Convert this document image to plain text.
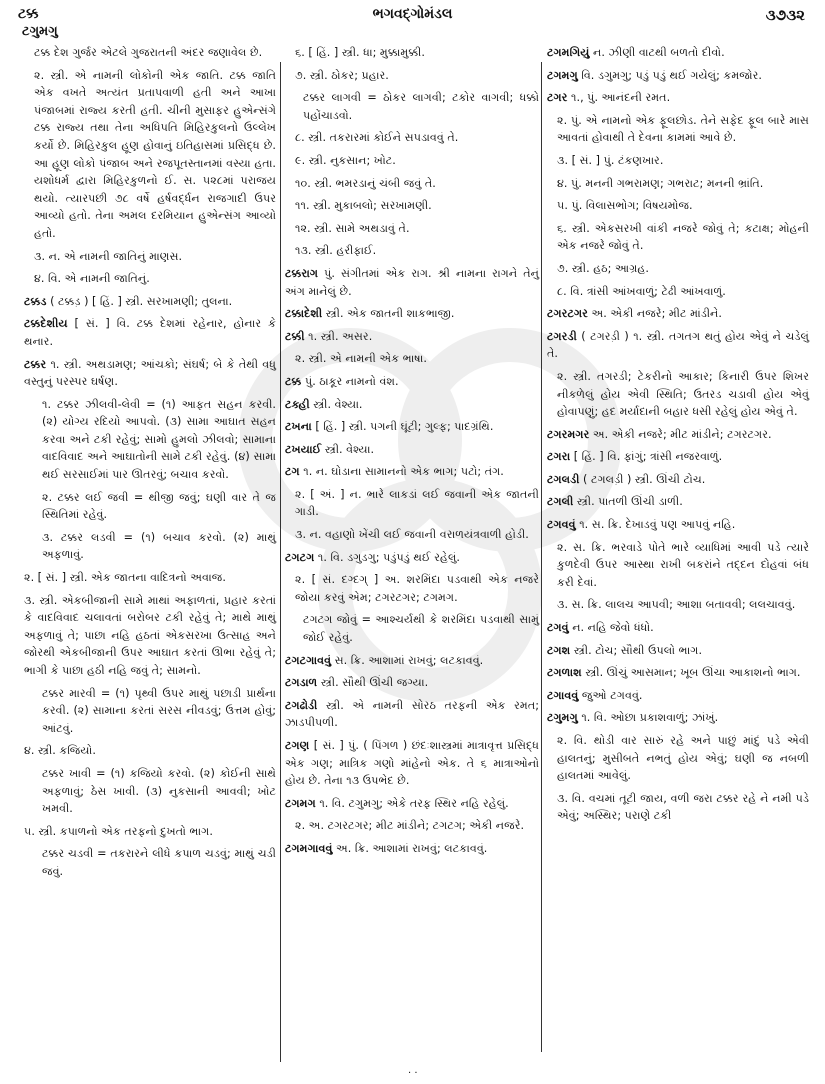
ટક્ક	ભગવદ્ગોમંડલ	૩૭૩૨
ટગુમગુ

ટક્ક દેશ ગુર્જર એટલે ગુજરાતની અંદર જણાવેલ છે.

૨. સ્ત્રી. એ નામની લોકોની એક જાતિ. ટક્ક જાતિ એક વખતે અત્યંત પ્રતાપવાળી હતી અને આખા પંજાબમાં રાજ્ય કરતી હતી. ચીની મુસાફર હુએન્સંગે ટક્ક રાજ્ય તથા તેના અધિપતિ મિહિરકુલનો ઉલ્લેખ કર્યો છે. મિહિરકુલ હૂણ હોવાનું ઇતિહાસમાં પ્રસિદ્ધ છે. આ હૂણ લોકો પંજાબ અને રજપૂતસ્તાનમાં વસ્યા હતા. યશોધર્મ દ્વારા મિહિરકુળનો ઈ. સ. ૫૨૮માં પરાજય થયો. ત્યારપછી ૭૮ વર્ષે હર્ષવર્દ્ધન રાજગાદી ઉપર આવ્યો હતો. તેના અમલ દરમિયાન હુએન્સંગ આવ્યો હતો.

૩. ન. એ નામની જાતિનું માણસ.

૪. વિ. એ નામની જાતિનું.

ટક્કડ ( ટક્કડ઼ ) [ હિં. ] સ્ત્રી. સરખામણી; તુલના.

ટક્કદેશીય [ સં. ] વિ. ટક્ક દેશમાં રહેનાર, હોનાર કે થનાર.

ટક્કર ૧. સ્ત્રી. અથડામણ; આંચકો; સંઘર્ષ; બે કે તેથી વધુ વસ્તુનું પરસ્પર ઘર્ષણ.

૧. ટક્કર ઝીલવી-લેવી = (૧) આફત સહન કરવી. (૨) યોગ્ય રદિયો આપવો. (૩) સામા આઘાત સહન કરવા અને ટકી રહેવું; સામો હુમલો ઝીલવો; સામાના વાદવિવાદ અને આઘાતોની સામે ટકી રહેવું. (૪) સામા થઈ સરસાઈમાં પાર ઊતરવું; બચાવ કરવો.

૨. ટક્કર લઈ જવી = થીજી જવું; ઘણી વાર તે જ સ્થિતિમાં રહેવું.

૩. ટક્કર લડવી = (૧) બચાવ કરવો. (૨) માથું અફળાવું.

૨. [ સં. ] સ્ત્રી. એક જાતના વાદિત્રનો અવાજ.

૩. સ્ત્રી. એકબીજાની સામે માથાં અફાળતાં, પ્રહાર કરતાં કે વાદવિવાદ ચલાવતાં બરોબર ટકી રહેવું તે; માથે માથું અફળાવું તે; પાછા નહિ હઠતાં એકસરખા ઉત્સાહ અને જોરથી એકબીજાની ઉપર આઘાત કરતાં ઊભા રહેવું તે; ભાગી કે પાછા હઠી નહિ જવું તે; સામનો.

ટક્કર મારવી = (૧) પૃથ્વી ઉપર માથું પછાડી પ્રાર્થના કરવી. (૨) સામાના કરતાં સરસ નીવડવું; ઉત્તમ હોવું; આંટવું.

૪. સ્ત્રી. કજિયો.

ટક્કર ખાવી = (૧) કજિયો કરવો. (૨) કોઈની સાથે અફળાવું; ઠેસ ખાવી. (૩) નુકસાની આવવી; ખોટ ખમવી.

૫. સ્ત્રી. કપાળનો એક તરફનો દુખતો ભાગ.

ટક્કર ચડવી = તકરારને લીધે કપાળ ચડવું; માથું ચડી જવું.

૬. [ હિં. ] સ્ત્રી. ધા; મુક્કામુક્કી.

૭. સ્ત્રી. ઠોકર; પ્રહાર.

ટક્કર લાગવી = ઠોકર લાગવી; ટકોર વાગવી; ધક્કો પહોંચાડવો.

૮. સ્ત્રી. તકરારમાં કોઈને સપડાવવું તે.

૯. સ્ત્રી. નુકસાન; ખોટ.

૧૦. સ્ત્રી. ભમરડાનું ચંબી જવું તે.

૧૧. સ્ત્રી. મુકાબલો; સરખામણી.

૧૨. સ્ત્રી. સામે અથડાવું તે.

૧૩. સ્ત્રી. હરીફાઈ.

ટક્કરાગ પું. સંગીતમાં એક રાગ. શ્રી નામના રાગને તેનું અંગ માનેલું છે.

ટક્કાદેશી સ્ત્રી. એક જાતની શાકભાજી.

ટક્કી ૧. સ્ત્રી. અસર.

૨. સ્ત્રી. એ નામની એક ભાષા.

ટક્ક પું. ઠાકૂર નામનો વંશ.

ટક્હી સ્ત્રી. વેશ્યા.

ટખના [ હિં. ] સ્ત્રી. પગની ઘૂંટી; ગુલ્ફ; પાદગ્રંથિ.

ટખયાઈ સ્ત્રી. વેશ્યા.

ટગ ૧. ન. ઘોડાના સામાનનો એક ભાગ; પટો; તંગ.

૨. [ અં. ] ન. ભારે લાકડાં લઈ જવાની એક જાતની ગાડી.

૩. ન. વહાણો ખેંચી લઈ જવાની વરાળયંત્રવાળી હોડી.

ટગટગ ૧. વિ. ડગુડગુ; પડુંપડું થઈ રહેલું.

૨. [ સં. દગ્દગ્ ] અ. શરમિંદા પડવાથી એક નજરે જોયા કરવું એમ; ટગરટગર; ટગમગ.

ટગટગ જોવું = આશ્ચર્યથી કે શરમિંદા પડવાથી સામું જોઈ રહેવું.

ટગટગાવવું સ. ક્રિ. આશામાં રાખવું; લટકાવવું.

ટગડાળ સ્ત્રી. સૌથી ઊંચી જગ્યા.

ટગઢોડી સ્ત્રી. એ નામની સોરઠ તરફની એક રમત; ઝાડપીપળી.

ટગણ [ સં. ] પું. ( પિંગળ ) છંદઃશાસ્ત્રમાં માત્રાવૃત્ત પ્રસિદ્ધ એક ગણ; માત્રિક ગણો માંહેનો એક. તે ૬ માત્રાઓનો હોય છે. તેના ૧૩ ઉપભેદ છે.

ટગમગ ૧. વિ. ટગુમગુ; એકે તરફ સ્થિર નહિ રહેલું.

૨. અ. ટગરટગર; મીટ માંડીને; ટગટગ; એકી નજરે.

ટગમગાવવું અ. ક્રિ. આશામાં રાખવું; લટકાવવું.

ટગમગિયું ન. ઝીણી વાટથી બળતો દીવો.

ટગમગુ વિ. ડગુમગુ; પડું પડું થઈ ગયેલું; કમજોર.

ટગર ૧., પું. આનંદની રમત.

૨. પું. એ નામનો એક ફૂલછોડ. તેને સફેદ ફૂલ બારે માસ આવતાં હોવાથી તે દેવના કામમાં આવે છે.

૩. [ સં. ] પું. ટંકણખાર.

૪. પું. મનની ગભરામણ; ગભરાટ; મનની ભ્રાંતિ.

૫. પું. વિલાસભોગ; વિષયમોજ.

૬. સ્ત્રી. એકસરખી વાંકી નજરે જોવું તે; કટાક્ષ; મોહની એક નજરે જોવું તે.

૭. સ્ત્રી. હઠ; આગ્રહ.

૮. વિ. ત્રાંસી આંખવાળું; ટેઢી આંખવાળું.

ટગરટગર અ. એકી નજરે; મીટ માંડીને.

ટગરડી ( ટગરડ઼ી ) ૧. સ્ત્રી. તગતગ થતું હોય એવું ને ચડેલું તે.

૨. સ્ત્રી. તગરડી; ટેકરીનો આકાર; કિનારી ઉપર શિખર નીકળેલું હોય એવી સ્થિતિ; ઉતરડ ચડાવી હોય એવું હોવાપણું; હદ મર્યાદાની બહાર ધસી રહેલું હોય એવું તે.

ટગરમગર અ. એકી નજરે; મીટ માંડીને; ટગરટગર.

ટગરા [ હિં. ] વિ. ફાંગું; ત્રાંસી નજરવાળું.

ટગલડી ( ટગલડ઼ી ) સ્ત્રી. ઊંચી ટોચ.

ટગલી સ્ત્રી. પાતળી ઊંચી ડાળી.

ટગવવું ૧. સ. ક્રિ. દેખાડવું પણ આપવું નહિ.

૨. સ. ક્રિ. ભરવાડે પોતે ભારે વ્યાધિમાં આવી પડે ત્યારે કુળદેવી ઉપર આસ્થા રાખી બકરાંને તદ્દન દોહવાં બંધ કરી દેવાં.

૩. સ. ક્રિ. લાલચ આપવી; આશા બતાવવી; લલચાવવું.

ટગવું ન. નહિ જેવો ધંધો.

ટગશ સ્ત્રી. ટોચ; સૌથી ઉપલો ભાગ.

ટગળાશ સ્ત્રી. ઊંચું આસમાન; ખૂબ ઊંચા આકાશનો ભાગ.

ટગાવવું જુઓ ટગવવું.

ટગુમગુ ૧. વિ. ઓછા પ્રકાશવાળું; ઝાંખું.

૨. વિ. થોડી વાર સારું રહે અને પાછું માંદું પડે એવી હાલતનું; મુસીબતે નભતું હોય એવું; ઘણી જ નબળી હાલતમાં આવેલું.

૩. વિ. વચમાં તૂટી જાય, વળી જરા ટક્કર રહે ને નમી પડે એવું; અસ્થિર; પરાણે ટકી

· ·
